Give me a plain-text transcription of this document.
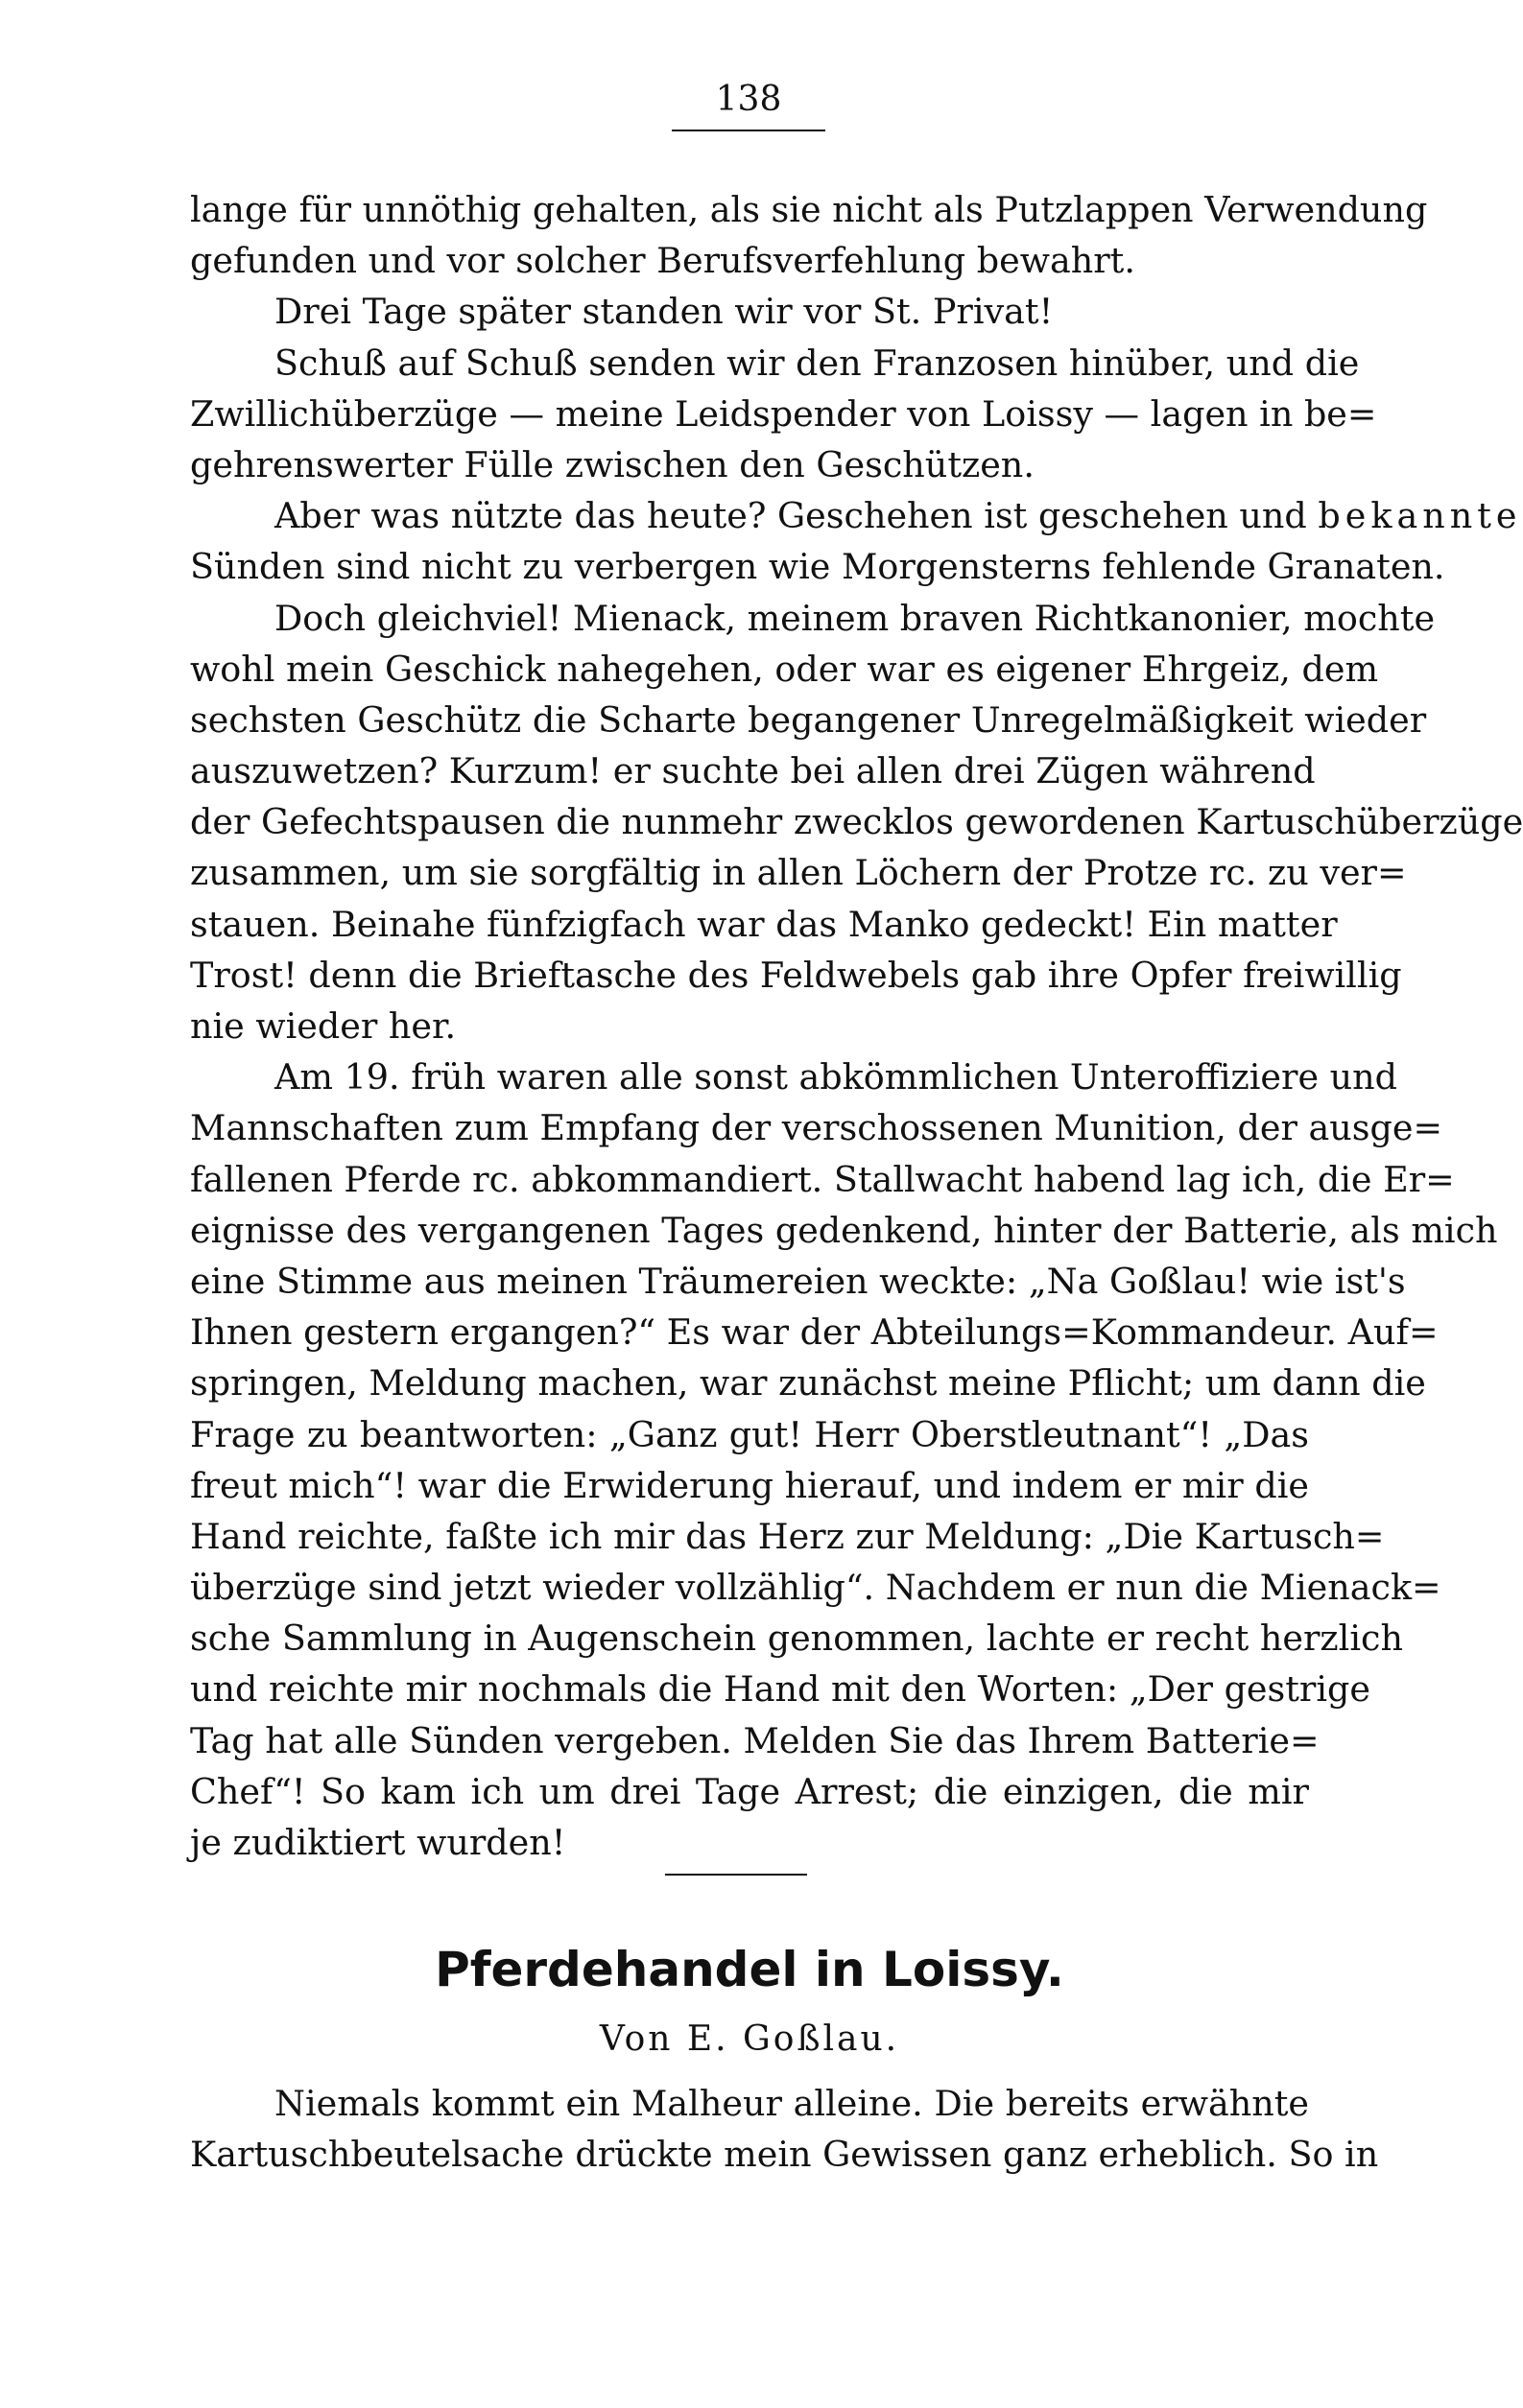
138
lange für unnöthig gehalten, als sie nicht als Putzlappen Verwendung
gefunden und vor solcher Berufsverfehlung bewahrt.
Drei Tage später standen wir vor St. Privat!
Schuß auf Schuß senden wir den Franzosen hinüber, und die
Zwillichüberzüge — meine Leidspender von Loissy — lagen in be=
gehrenswerter Fülle zwischen den Geschützen.
Aber was nützte das heute? Geschehen ist geschehen und bekannte
Sünden sind nicht zu verbergen wie Morgensterns fehlende Granaten.
Doch gleichviel! Mienack, meinem braven Richtkanonier, mochte
wohl mein Geschick nahegehen, oder war es eigener Ehrgeiz, dem
sechsten Geschütz die Scharte begangener Unregelmäßigkeit wieder
auszuwetzen? Kurzum! er suchte bei allen drei Zügen während
der Gefechtspausen die nunmehr zwecklos gewordenen Kartuschüberzüge
zusammen, um sie sorgfältig in allen Löchern der Protze rc. zu ver=
stauen. Beinahe fünfzigfach war das Manko gedeckt! Ein matter
Trost! denn die Brieftasche des Feldwebels gab ihre Opfer freiwillig
nie wieder her.
Am 19. früh waren alle sonst abkömmlichen Unteroffiziere und
Mannschaften zum Empfang der verschossenen Munition, der ausge=
fallenen Pferde rc. abkommandiert. Stallwacht habend lag ich, die Er=
eignisse des vergangenen Tages gedenkend, hinter der Batterie, als mich
eine Stimme aus meinen Träumereien weckte: „Na Goßlau! wie ist's
Ihnen gestern ergangen?“ Es war der Abteilungs=Kommandeur. Auf=
springen, Meldung machen, war zunächst meine Pflicht; um dann die
Frage zu beantworten: „Ganz gut! Herr Oberstleutnant“! „Das
freut mich“! war die Erwiderung hierauf, und indem er mir die
Hand reichte, faßte ich mir das Herz zur Meldung: „Die Kartusch=
überzüge sind jetzt wieder vollzählig“. Nachdem er nun die Mienack=
sche Sammlung in Augenschein genommen, lachte er recht herzlich
und reichte mir nochmals die Hand mit den Worten: „Der gestrige
Tag hat alle Sünden vergeben. Melden Sie das Ihrem Batterie=
Chef“! So kam ich um drei Tage Arrest; die einzigen, die mir
je zudiktiert wurden!
Pferdehandel in Loissy.
Von E. Goßlau.
Niemals kommt ein Malheur alleine. Die bereits erwähnte
Kartuschbeutelsache drückte mein Gewissen ganz erheblich. So in
